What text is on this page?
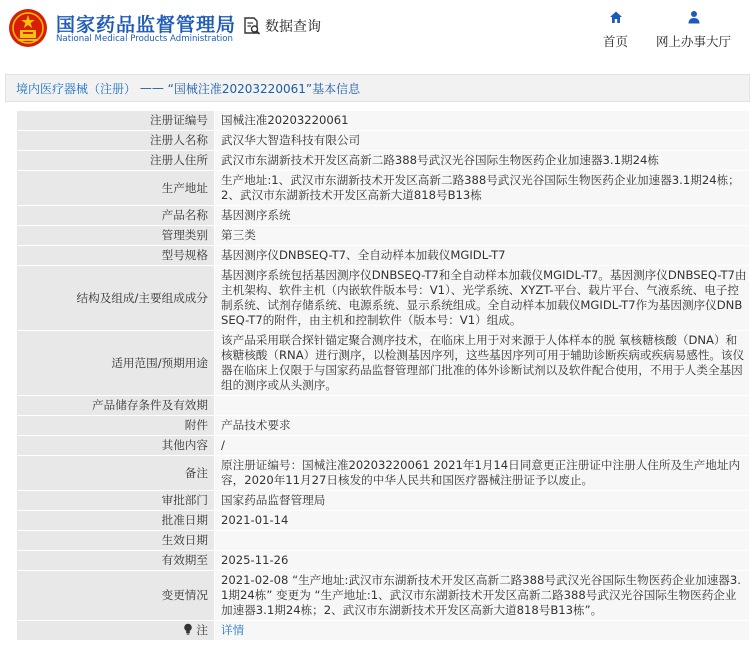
国家药品监督管理局
National Medical Products Administration
数据查询
首页 网上办事大厅
境内医疗器械（注册） —— “国械注准20203220061” 基本信息
注册证编号	国械注准20203220061
注册人名称	武汉华大智造科技有限公司
注册人住所	武汉市东湖新技术开发区高新二路388号武汉光谷国际生物医药企业加速器3.1期24栋
生产地址	生产地址:1、武汉市东湖新技术开发区高新二路388号武汉光谷国际生物医药企业加速器3.1期24栋；2、武汉市东湖新技术开发区高新大道818号B13栋
产品名称	基因测序系统
管理类别	第三类
型号规格	基因测序仪DNBSEQ-T7、全自动样本加载仪MGIDL-T7
结构及组成/主要组成成分	基因测序系统包括基因测序仪DNBSEQ-T7和全自动样本加载仪MGIDL-T7。基因测序仪DNBSEQ-T7由主机架构、软件主机（内嵌软件版本号：V1）、光学系统、XYZT-平台、载片平台、气液系统、电子控制系统、试剂存储系统、电源系统、显示系统组成。全自动样本加载仪MGIDL-T7作为基因测序仪DNBSEQ-T7的附件，由主机和控制软件（版本号：V1）组成。
适用范围/预期用途	该产品采用联合探针锚定聚合测序技术，在临床上用于对来源于人体样本的脱 氧核糖核酸（DNA）和核糖核酸（RNA）进行测序，以检测基因序列，这些基因序列可用于辅助诊断疾病或疾病易感性。该仪器在临床上仅限于与国家药品监督管理部门批准的体外诊断试剂以及软件配合使用，不用于人类全基因组的测序或从头测序。
产品储存条件及有效期	
附件	产品技术要求
其他内容	/
备注	原注册证编号：国械注准20203220061 2021年1月14日同意更正注册证中注册人住所及生产地址内容，2020年11月27日核发的中华人民共和国医疗器械注册证予以废止。
审批部门	国家药品监督管理局
批准日期	2021-01-14
生效日期	
有效期至	2025-11-26
变更情况	2021-02-08 “生产地址:武汉市东湖新技术开发区高新二路388号武汉光谷国际生物医药企业加速器3.1期24栋” 变更为 “生产地址:1、武汉市东湖新技术开发区高新二路388号武汉光谷国际生物医药企业加速器3.1期24栋；2、武汉市东湖新技术开发区高新大道818号B13栋”。
注	详情
